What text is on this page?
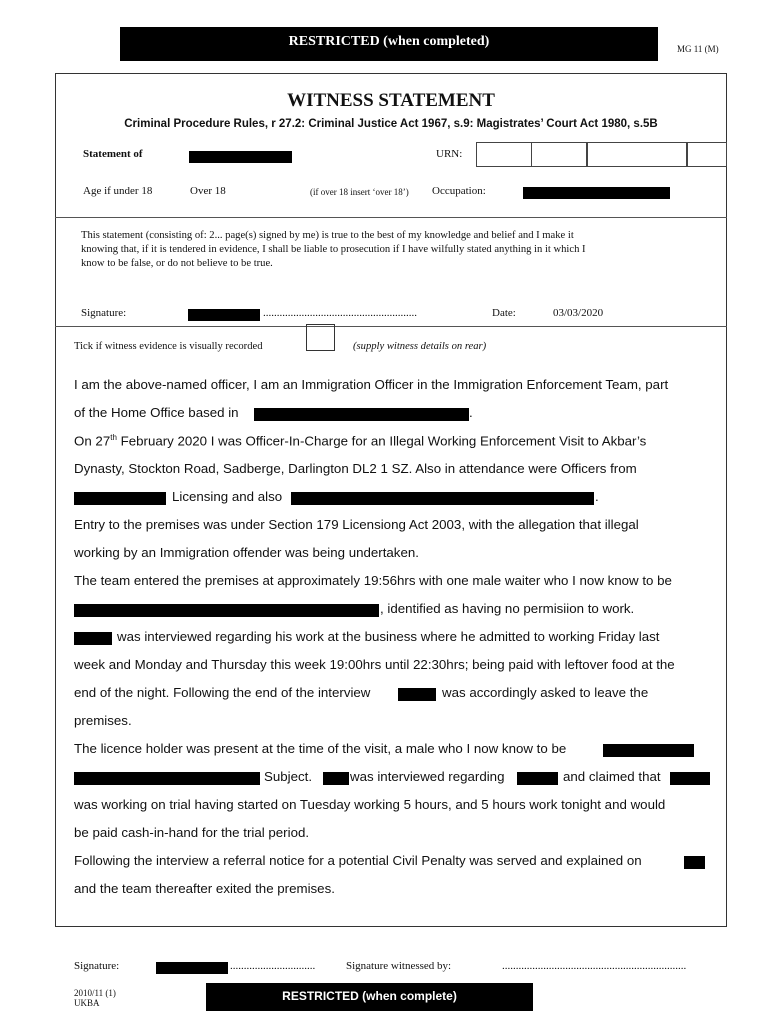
RESTRICTED (when completed)	MG 11 (M)
WITNESS STATEMENT
Criminal Procedure Rules, r 27.2: Criminal Justice Act 1967, s.9: Magistrates’ Court Act 1980, s.5B
Statement of	URN:
Age if under 18	Over 18	(if over 18 insert ‘over 18’) Occupation:
This statement (consisting of: 2... page(s) signed by me) is true to the best of my knowledge and belief and I make it
knowing that, if it is tendered in evidence, I shall be liable to prosecution if I have wilfully stated anything in it which I
know to be false, or do not believe to be true.
Signature:	........................................................	Date:	03/03/2020
Tick if witness evidence is visually recorded	(supply witness details on rear)
I am the above-named officer, I am an Immigration Officer in the Immigration Enforcement Team, part
of the Home Office based in	.
On 27th February 2020 I was Officer-In-Charge for an Illegal Working Enforcement Visit to Akbar’s
Dynasty, Stockton Road, Sadberge, Darlington DL2 1 SZ. Also in attendance were Officers from
Licensing and also	.
Entry to the premises was under Section 179 Licensiong Act 2003, with the allegation that illegal
working by an Immigration offender was being undertaken.
The team entered the premises at approximately 19:56hrs with one male waiter who I now know to be
, identified as having no permisiion to work.
was interviewed regarding his work at the business where he admitted to working Friday last
week and Monday and Thursday this week 19:00hrs until 22:30hrs; being paid with leftover food at the
end of the night. Following the end of the interview	was accordingly asked to leave the
premises.
The licence holder was present at the time of the visit, a male who I now know to be
Subject.	was interviewed regarding	and claimed that
was working on trial having started on Tuesday working 5 hours, and 5 hours work tonight and would
be paid cash-in-hand for the trial period.
Following the interview a referral notice for a potential Civil Penalty was served and explained on
and the team thereafter exited the premises.
Signature:	...............................	Signature witnessed by:	...................................................................
2010/11 (1)
UKBA	RESTRICTED (when complete)
